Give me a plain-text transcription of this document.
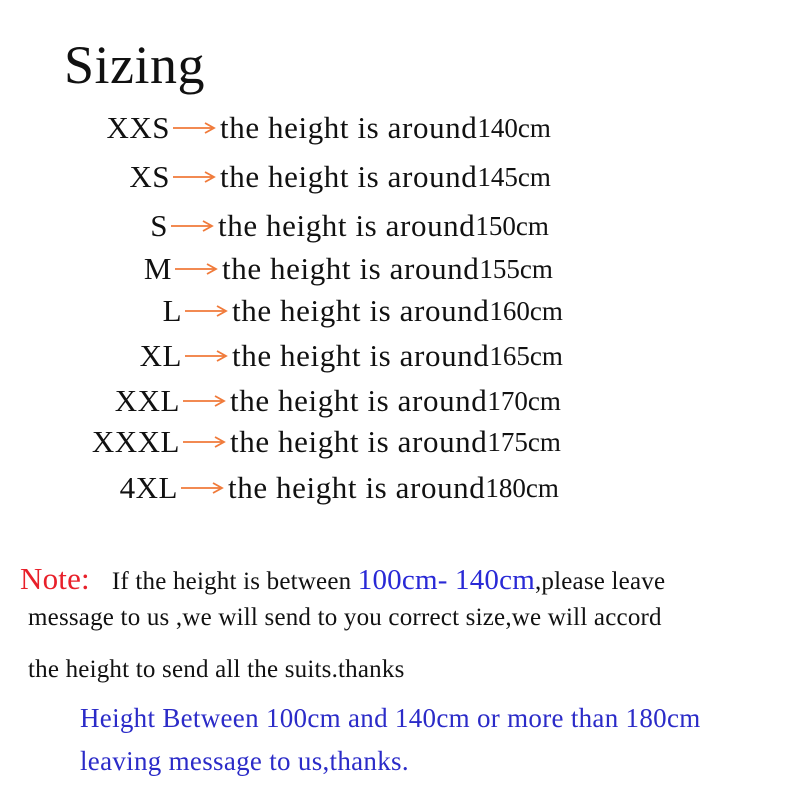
Sizing
XXS the height is around 140cm
XS the height is around 145cm
S the height is around 150cm
M the height is around 155cm
L the height is around 160cm
XL the height is around 165cm
XXL the height is around 170cm
XXXL the height is around 175cm
4XL the height is around 180cm
Note: If the height is between 100cm- 140cm,please leave
message to us ,we will send to you correct size,we will accord
the height to send all the suits.thanks
Height Between 100cm and 140cm or more than 180cm
leaving message to us,thanks.
